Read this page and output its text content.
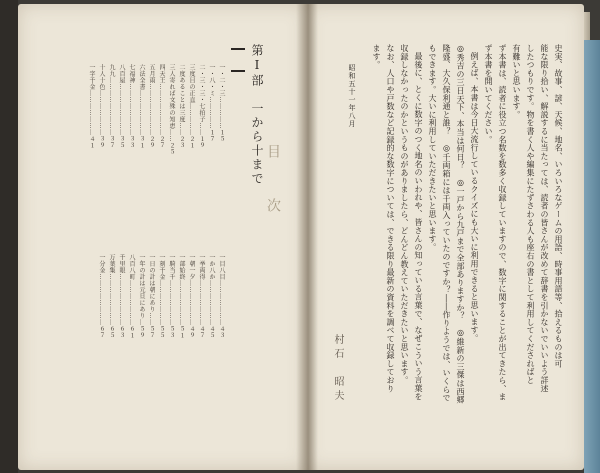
第Ⅰ部　一から十まで
目次
一・二・三……………１５
一・八・ミ……………１７
二・三・三・七拍子……１９
三度目の正直……………２１
二度あることは三度……２３
三人寄れば文殊の知恵……２５
四天王……………………２７
五月雨……………………２９
六法全書…………………３１
七福神……………………３３
八百屋……………………３５
九九………………………３７
十人十色…………………３９
一字千金…………………４１
一目八目…………………４３
一か八か…………………４５
一挙両得…………………４７
一朝一夕…………………４９
一部始終…………………５１
一騎当千…………………５３
一刻千金…………………５５
一日の計は朝にあり……５７
一年の計は元旦にあり…５９
八百八町…………………６１
千里眼……………………６３
万葉集……………………６５
一分金……………………６７	史実、故事、諺、天候、地名、いろいろなゲームの用語、時事用語等、拾えるものは可
能な限り拾い、解説するに当たっては、読者の皆さんが改めて辞書を引かないでいいよう詳述
したつもりです。物を書く人や編集にたずさわる人も座右の書として利用してくださればと
有難いと思います。
ず本書は、読者に役立つ名数を数多く収録していますので、数字に関することが出てきたら、ま
ず本書を開いてください。
例えば、本書は今日大流行しているクイズにも大いに利用できると思います。
◎秀吉の三日天下、本当は何日？　◎一戸から九戸まで全部ありますか？　◎維新の三傑は西郷
隆盛、大久保利通と誰？　◎千両箱には千両入っていたのですか？――作りようでは、いくらで
もできます。大いに利用していただきたいと思います。
最後に、とくに数字のつく地名のいわれや、皆さんの知っている言葉で、なぜこういう言葉を
収録しなかったのかというものがありましたら、どんどん教えていただきたいと思います。
なお、人口や戸数など記録的な数字については、できる限り最新の資料を調べて収録しており
ます。
昭和五十一年八月
村石　昭夫
